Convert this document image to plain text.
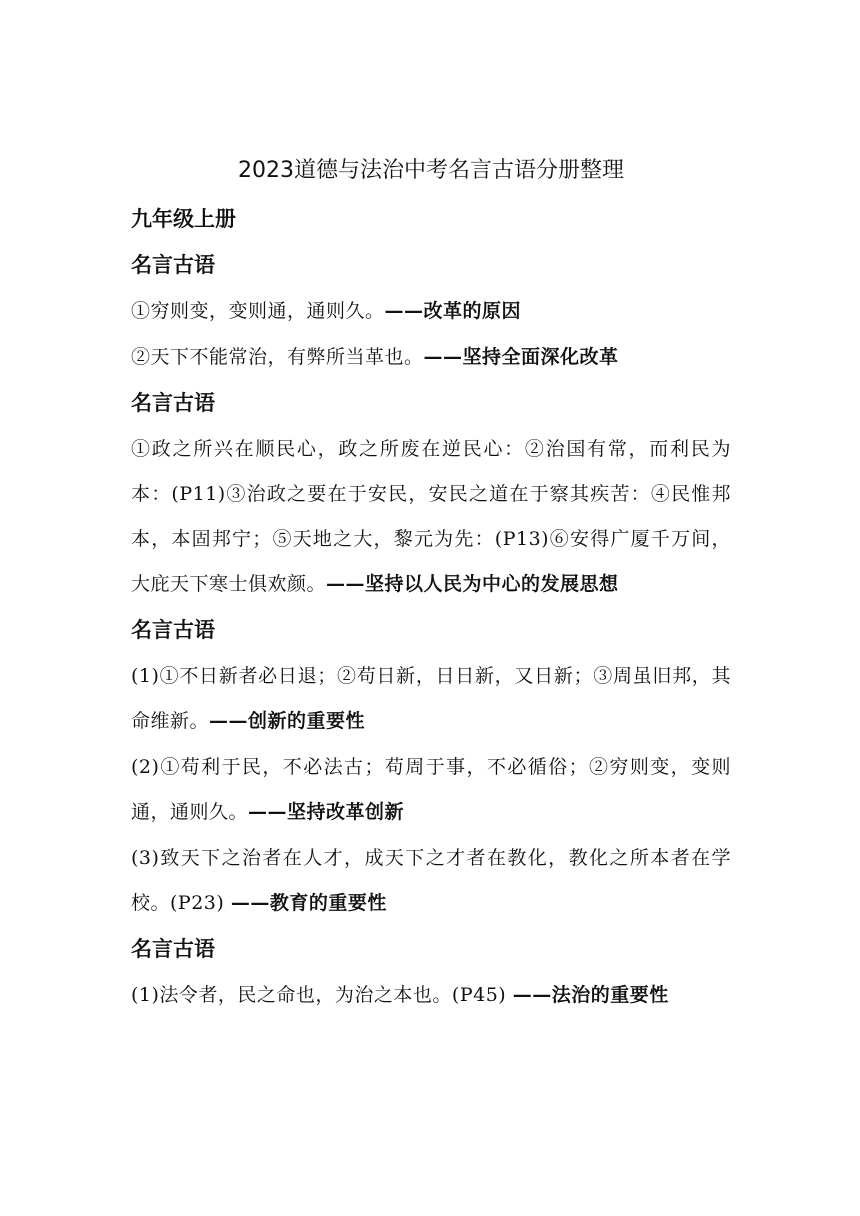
2023道德与法治中考名言古语分册整理
九年级上册
名言古语
①穷则变，变则通，通则久。——改革的原因
②天下不能常治，有弊所当革也。——坚持全面深化改革
名言古语
①政之所兴在顺民心，政之所废在逆民心：②治国有常，而利民为本：(P11)③治政之要在于安民，安民之道在于察其疾苦：④民惟邦本，本固邦宁；⑤天地之大，黎元为先：(P13)⑥安得广厦千万间，大庇天下寒士俱欢颜。——坚持以人民为中心的发展思想
名言古语
(1)①不日新者必日退；②苟日新，日日新，又日新；③周虽旧邦，其命维新。——创新的重要性
(2)①苟利于民，不必法古；苟周于事，不必循俗；②穷则变，变则通，通则久。——坚持改革创新
(3)致天下之治者在人才，成天下之才者在教化，教化之所本者在学校。(P23) ——教育的重要性
名言古语
(1)法令者，民之命也，为治之本也。(P45) ——法治的重要性
